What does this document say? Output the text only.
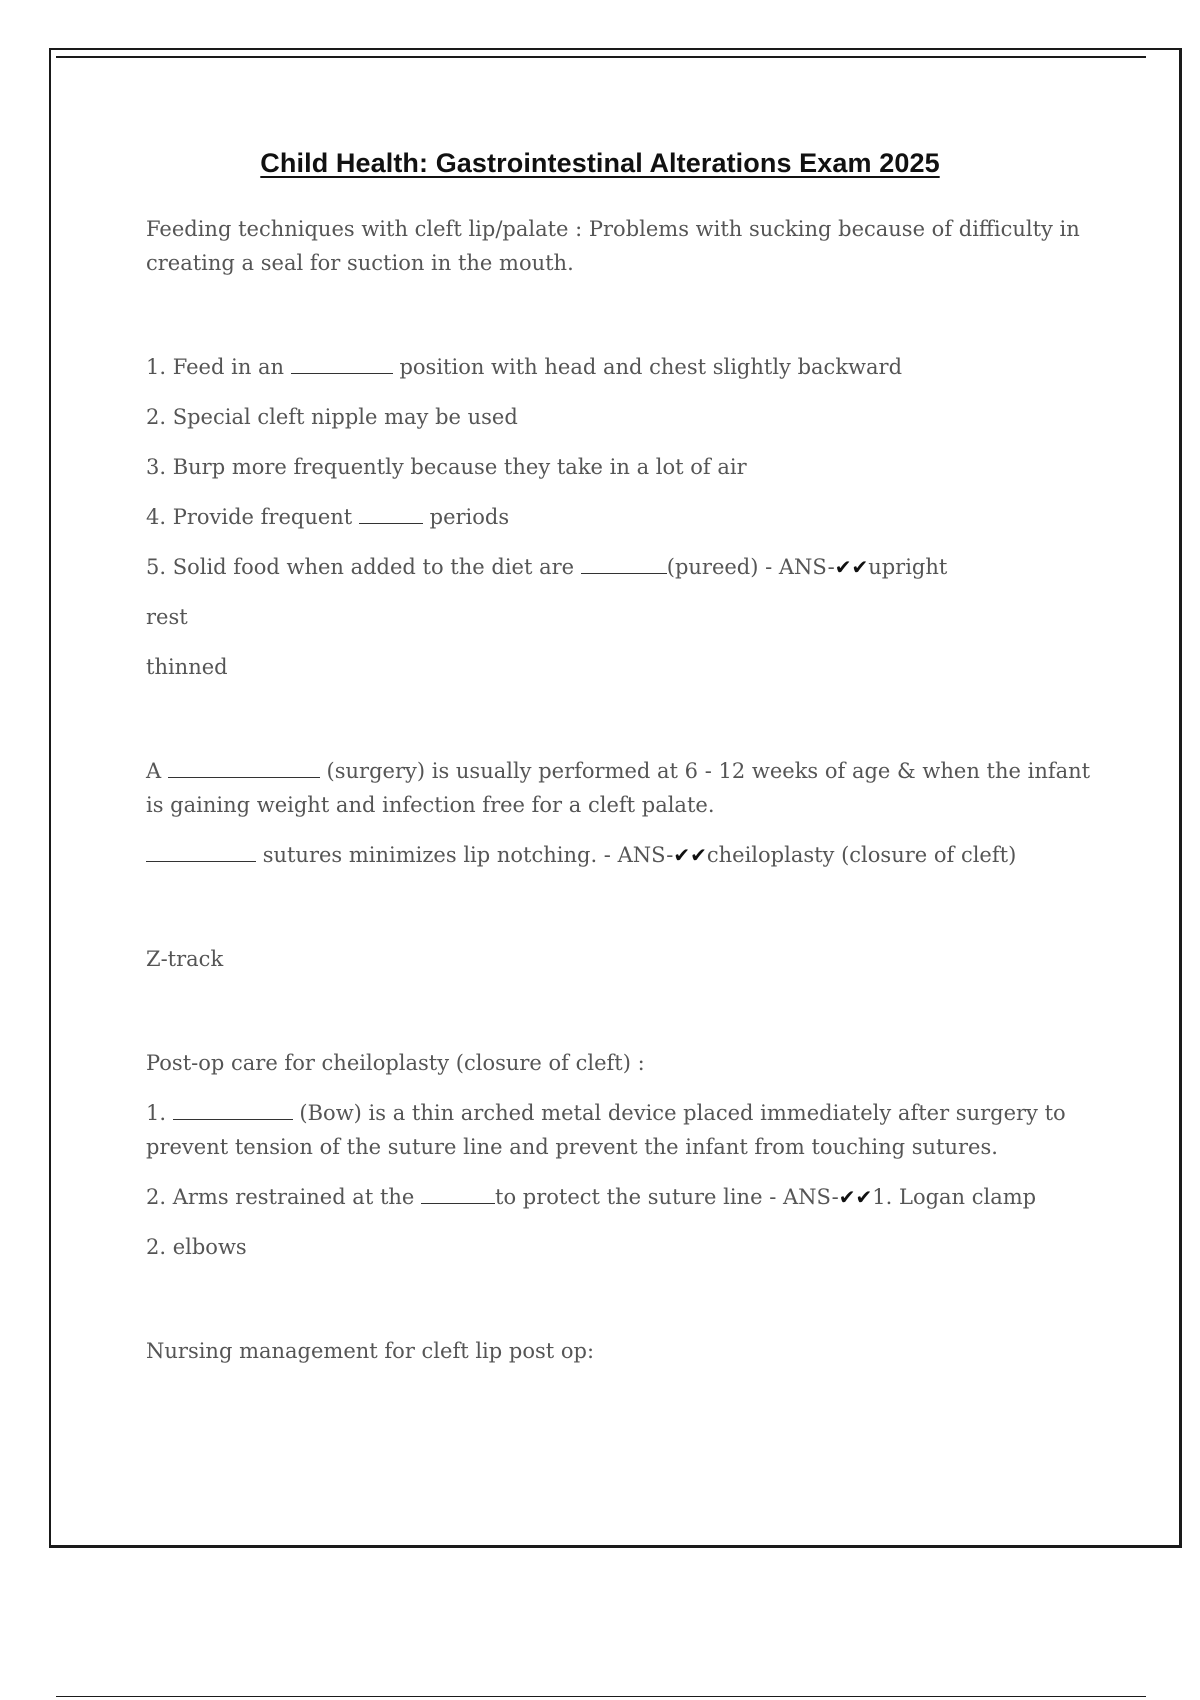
Child Health: Gastrointestinal Alterations Exam 2025

Feeding techniques with cleft lip/palate : Problems with sucking because of difficulty in creating a seal for suction in the mouth.

1. Feed in an	position with head and chest slightly backward

2. Special cleft nipple may be used

3. Burp more frequently because they take in a lot of air

4. Provide frequent	periods

5. Solid food when added to the diet are	(pureed) - ANS-✔✔upright

rest

thinned

A	(surgery) is usually performed at 6 - 12 weeks of age & when the infant is gaining weight and infection free for a cleft palate.

sutures minimizes lip notching. - ANS-✔✔cheiloplasty (closure of cleft)

Z-track

Post-op care for cheiloplasty (closure of cleft) :

1.	(Bow) is a thin arched metal device placed immediately after surgery to prevent tension of the suture line and prevent the infant from touching sutures.

2. Arms restrained at the	to protect the suture line - ANS-✔✔1. Logan clamp

2. elbows

Nursing management for cleft lip post op:
